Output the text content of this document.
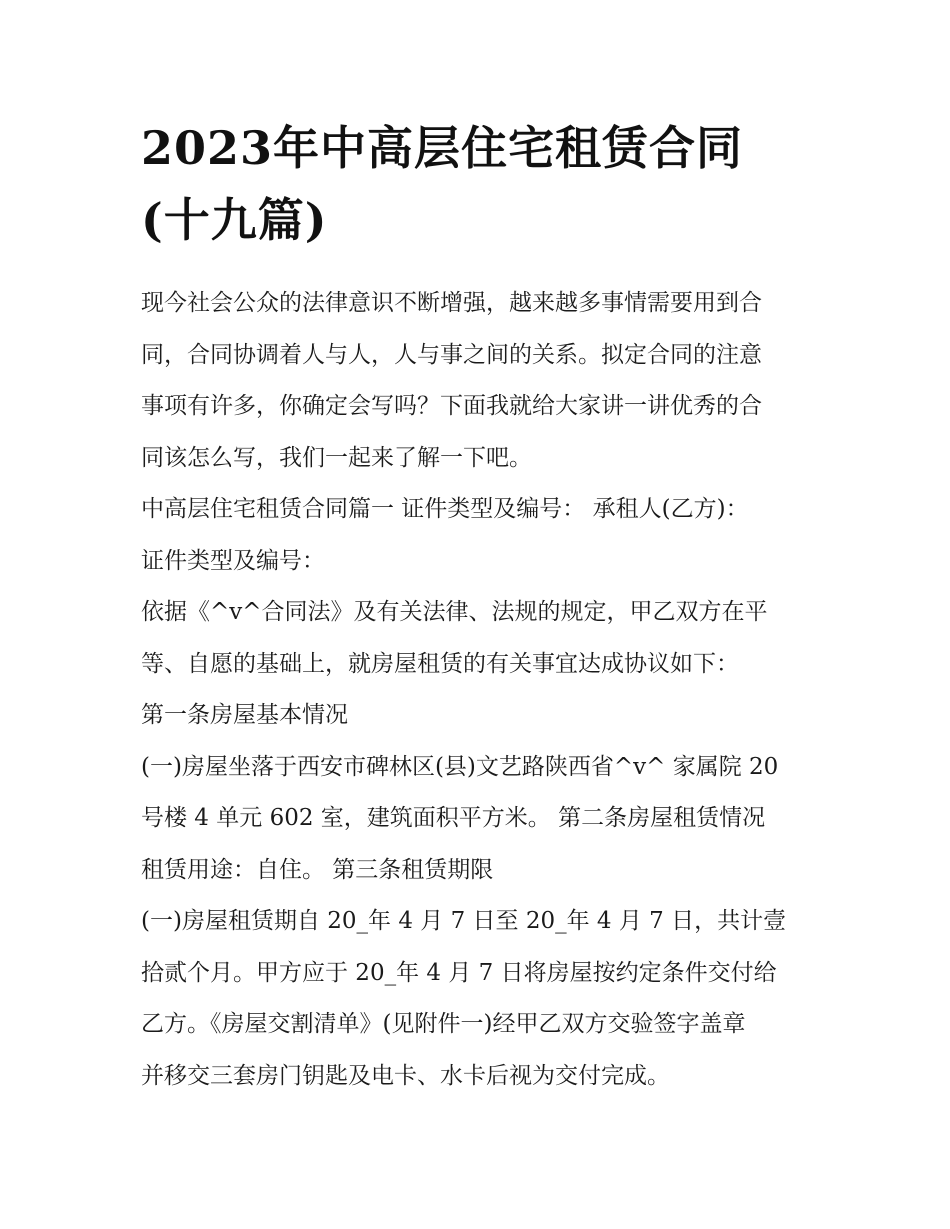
2023年中高层住宅租赁合同
(十九篇)

现今社会公众的法律意识不断增强，越来越多事情需要用到合
同，合同协调着人与人，人与事之间的关系。拟定合同的注意
事项有许多，你确定会写吗？下面我就给大家讲一讲优秀的合
同该怎么写，我们一起来了解一下吧。

中高层住宅租赁合同篇一 证件类型及编号： 承租人(乙方)：
证件类型及编号：

依据《^v^合同法》及有关法律、法规的规定，甲乙双方在平
等、自愿的基础上，就房屋租赁的有关事宜达成协议如下：

第一条房屋基本情况

(一)房屋坐落于西安市碑林区(县)文艺路陕西省^v^ 家属院 20
号楼 4 单元 602 室，建筑面积平方米。 第二条房屋租赁情况
租赁用途：自住。 第三条租赁期限

(一)房屋租赁期自 20_年 4 月 7 日至 20_年 4 月 7 日，共计壹
拾贰个月。甲方应于 20_年 4 月 7 日将房屋按约定条件交付给
乙方。《房屋交割清单》(见附件一)经甲乙双方交验签字盖章
并移交三套房门钥匙及电卡、水卡后视为交付完成。
